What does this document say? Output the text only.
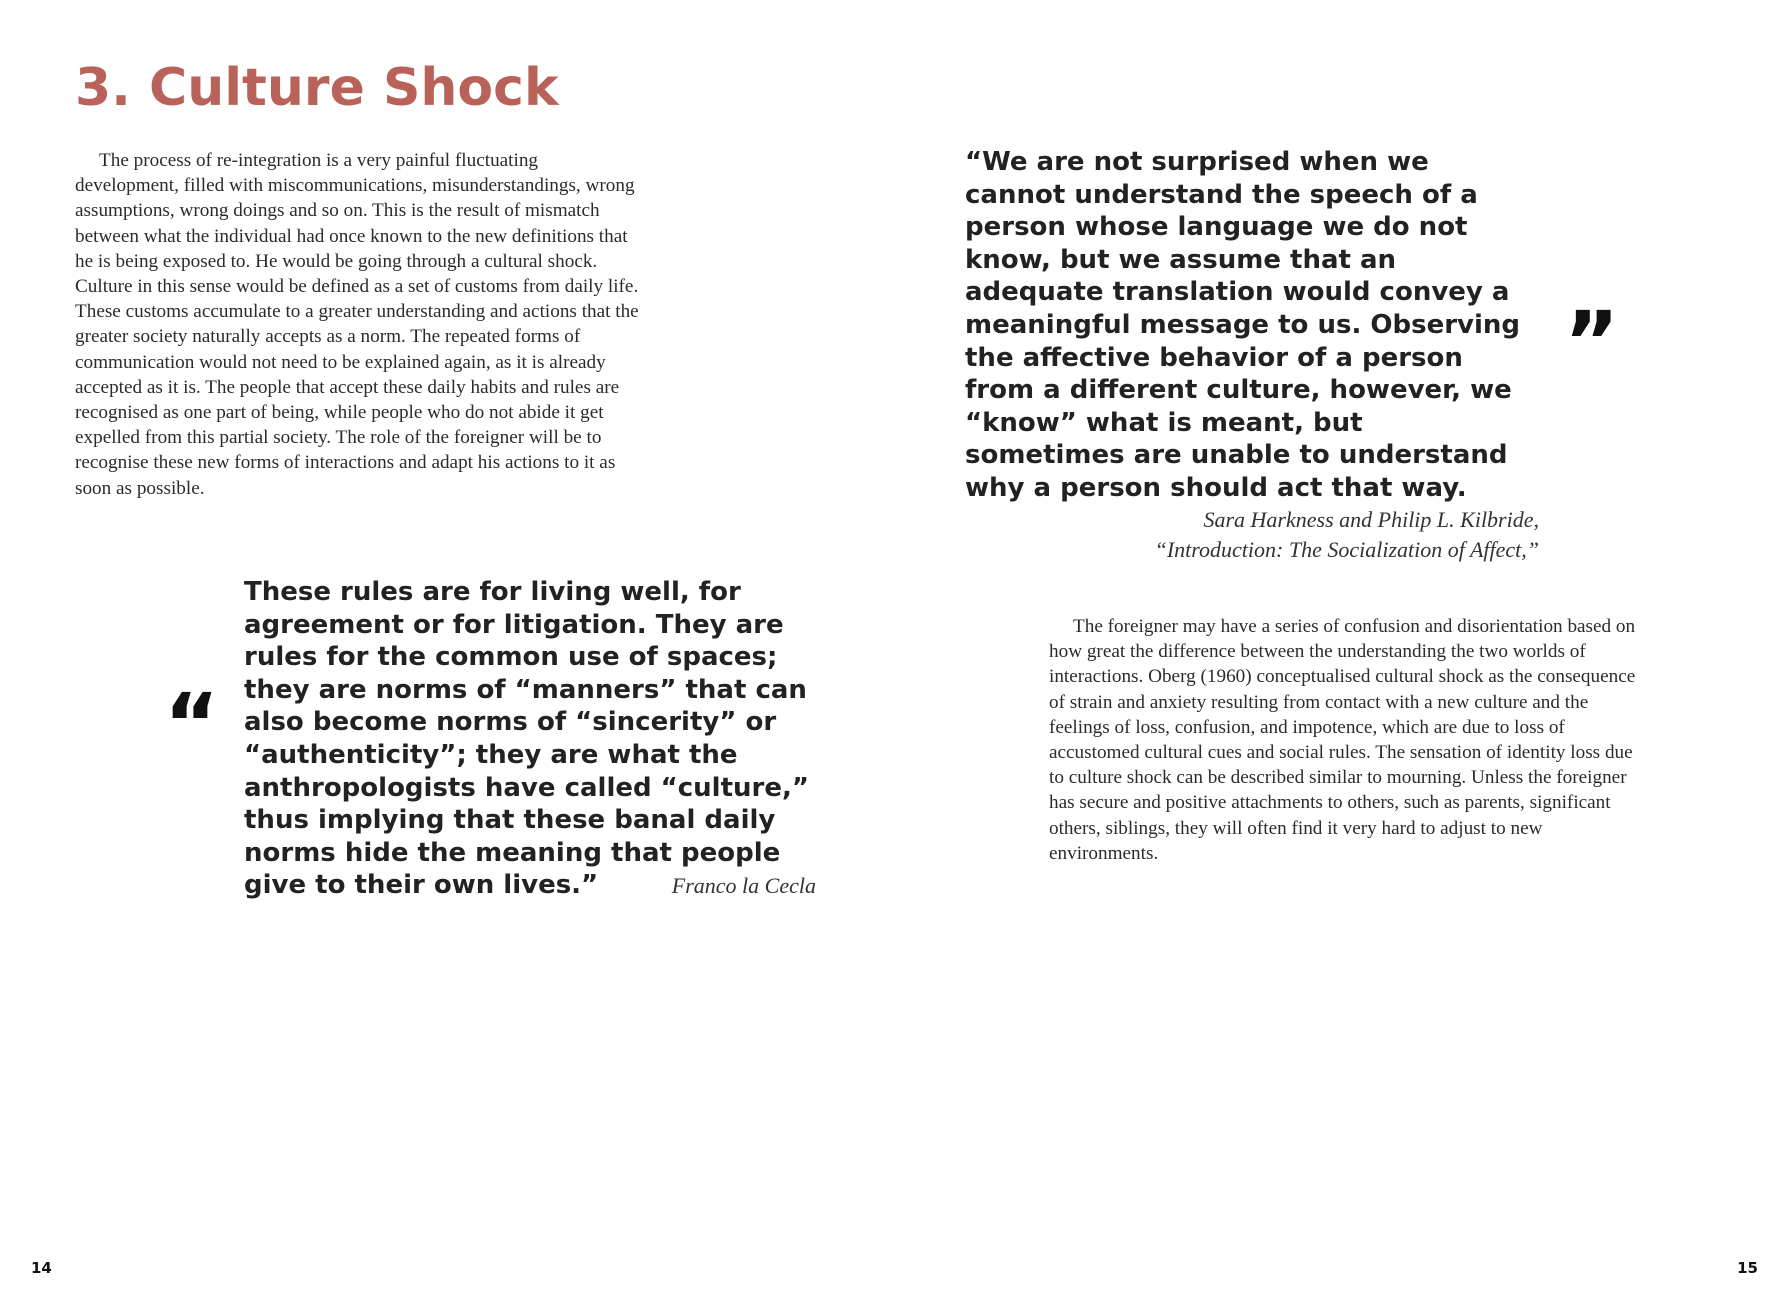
3. Culture Shock

The process of re-integration is a very painful fluctuating development, filled with miscommunications, misunderstandings, wrong assumptions, wrong doings and so on. This is the result of mismatch between what the individual had once known to the new definitions that he is being exposed to. He would be going through a cultural shock.

Culture in this sense would be defined as a set of customs from daily life. These customs accumulate to a greater understanding and actions that the greater society naturally accepts as a norm. The repeated forms of communication would not need to be explained again, as it is already accepted as it is. The people that accept these daily habits and rules are recognised as one part of being, while people who do not abide it get expelled from this partial society. The role of the foreigner will be to recognise these new forms of interactions and adapt his actions to it as soon as possible.

“

These rules are for living well, for agreement or for litigation. They are rules for the common use of spaces; they are norms of “manners” that can also become norms of “sincerity” or “authenticity”; they are what the anthropologists have called “culture,” thus implying that these banal daily norms hide the meaning that people give to their own lives.”	Franco la Cecla

“We are not surprised when we cannot understand the speech of a person whose language we do not know, but we assume that an adequate translation would convey a meaningful message to us. Observing the affective behavior of a person from a different culture, however, we “know” what is meant, but sometimes are unable to understand why a person should act that way.

”
Sara Harkness and Philip L. Kilbride,
“Introduction: The Socialization of Affect,”

The foreigner may have a series of confusion and disorientation based on how great the difference between the understanding the two worlds of interactions. Oberg (1960) conceptualised cultural shock as the consequence of strain and anxiety resulting from contact with a new culture and the feelings of loss, confusion, and impotence, which are due to loss of accustomed cultural cues and social rules. The sensation of identity loss due to culture shock can be described similar to mourning. Unless the foreigner has secure and positive attachments to others, such as parents, significant others, siblings, they will often find it very hard to adjust to new environments.

14	15
